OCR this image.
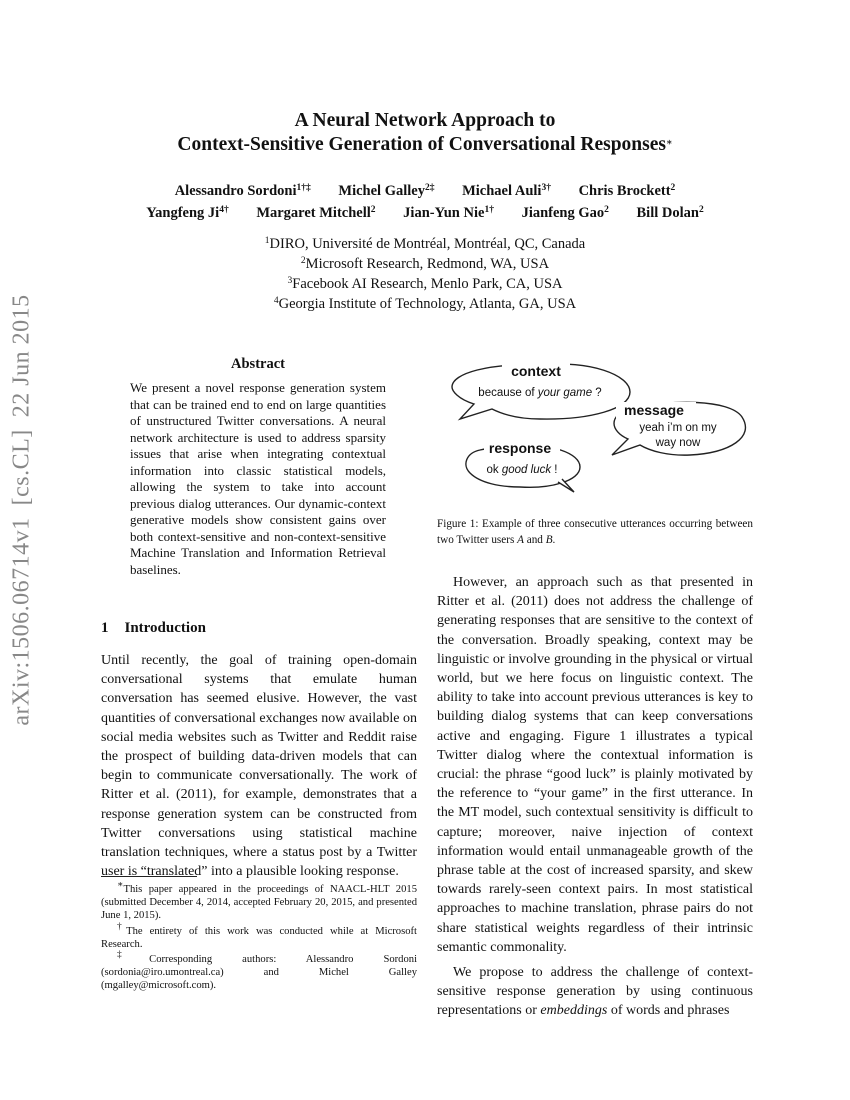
A Neural Network Approach to
Context-Sensitive Generation of Conversational Responses∗
Alessandro Sordoni$^{1\dagger\ddagger}$ Michel Galley$^{2\ddagger}$ Michael Auli$^{3\dagger}$ Chris Brockett$^2$
Yangfeng $Ji^{4\dagger}$ Margaret Mitchell$^2$ Jian-Yun Nie$^{1\dagger}$ Jianfeng Gao$^2$ Bill Dolan$^2$
$^1$DIRO, Université de Montréal, Montréal, QC, Canada
$^2$Microsoft Research, Redmond, WA, USA
$^3$Facebook AI Research, Menlo Park, CA, USA
$^4$Georgia Institute of Technology, Atlanta, GA, USA
arXiv:1506.06714v1[cs.CL]22 Jun 2015	Abstract
We present a novel response generation system that can be trained end to end on large quantities of unstructured Twitter conversations. A neural network architecture is used to address sparsity issues that arise when integrating contextual information into classic statistical models, allowing the system to take into account previous dialog utterances. Our dynamic-context generative models show consistent gains over both context-sensitive and non-context-sensitive Machine Translation and Information Retrieval baselines.
1 Introduction

Until recently, the goal of training open-domain conversational systems that emulate human conversation has seemed elusive. However, the vast quantities of conversational exchanges now available on social media websites such as Twitter and Reddit raise the prospect of building data-driven models that can begin to communicate conversationally. The work of Ritter et al. (2011), for example, demonstrates that a response generation system can be constructed from Twitter conversations using statistical machine translation techniques, where a status post by a Twitter user is “translated” into a plausible looking response.

∗This paper appeared in the proceedings of NAACL-HLT 2015 (submitted December 4, 2014, accepted February 20, 2015, and presented June 1, 2015).

†The entirety of this work was conducted while at Microsoft Research.

‡Corresponding authors: Alessandro Sordoni (sordonia@iro.umontreal.ca) and Michel Galley (mgalley@microsoft.com).

context
because of your game ?
message
yeah i’m on my
way now
response
ok good luck !
Figure 1: Example of three consecutive utterances occurring between two Twitter users A and B.

However, an approach such as that presented in Ritter et al. (2011) does not address the challenge of generating responses that are sensitive to the context of the conversation. Broadly speaking, context may be linguistic or involve grounding in the physical or virtual world, but we here focus on linguistic context. The ability to take into account previous utterances is key to building dialog systems that can keep conversations active and engaging. Figure 1 illustrates a typical Twitter dialog where the contextual information is crucial: the phrase “good luck” is plainly motivated by the reference to “your game” in the first utterance. In the MT model, such contextual sensitivity is difficult to capture; moreover, naive injection of context information would entail unmanageable growth of the phrase table at the cost of increased sparsity, and skew towards rarely-seen context pairs. In most statistical approaches to machine translation, phrase pairs do not share statistical weights regardless of their intrinsic semantic commonality.

We propose to address the challenge of context-sensitive response generation by using continuous representations or embeddings of words and phrases
